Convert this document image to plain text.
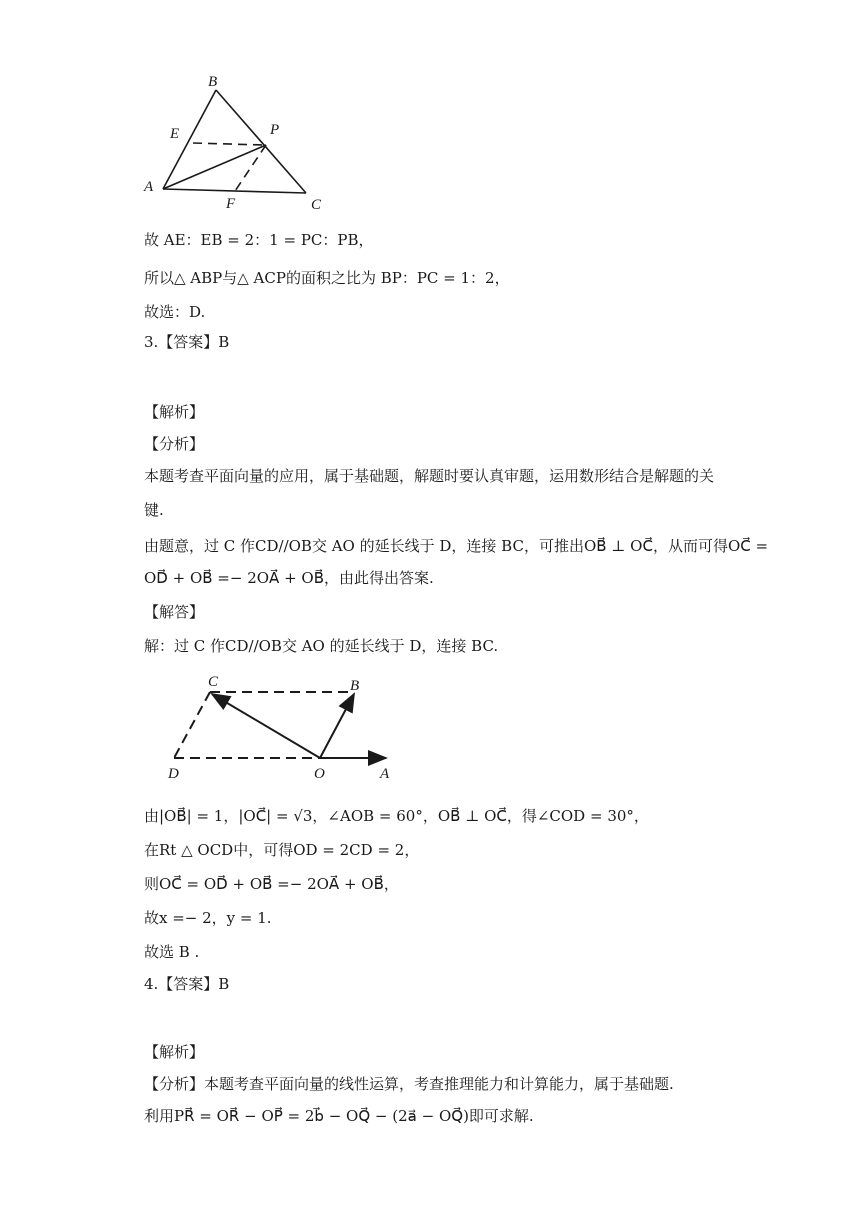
B
E	P
A
F	C
故 AE：EB = 2：1 = PC：PB，
所以△ ABP与△ ACP的面积之比为 BP：PC = 1：2，
故选：D.
3.【答案】B
【解析】
【分析】
本题考查平面向量的应用，属于基础题，解题时要认真审题，运用数形结合是解题的关
键.
由题意，过 C 作CD//OB交 AO 的延长线于 D，连接 BC，可推出OB⃗ ⊥ OC⃗，从而可得OC⃗ =
OD⃗ + OB⃗ =− 2OA⃗ + OB⃗，由此得出答案.
【解答】
解：过 C 作CD//OB交 AO 的延长线于 D，连接 BC.
C	B
D	O	A
由|OB⃗| = 1，|OC⃗| = √3，∠AOB = 60°，OB⃗ ⊥ OC⃗，得∠COD = 30°，
在Rt △ OCD中，可得OD = 2CD = 2，
则OC⃗ = OD⃗ + OB⃗ =− 2OA⃗ + OB⃗，
故x =− 2，y = 1.
故选 B .
4.【答案】B
【解析】
【分析】本题考查平面向量的线性运算，考查推理能力和计算能力，属于基础题.
利用PR⃗ = OR⃗ − OP⃗ = 2b⃗ − OQ⃗ − (2a⃗ − OQ⃗)即可求解.
